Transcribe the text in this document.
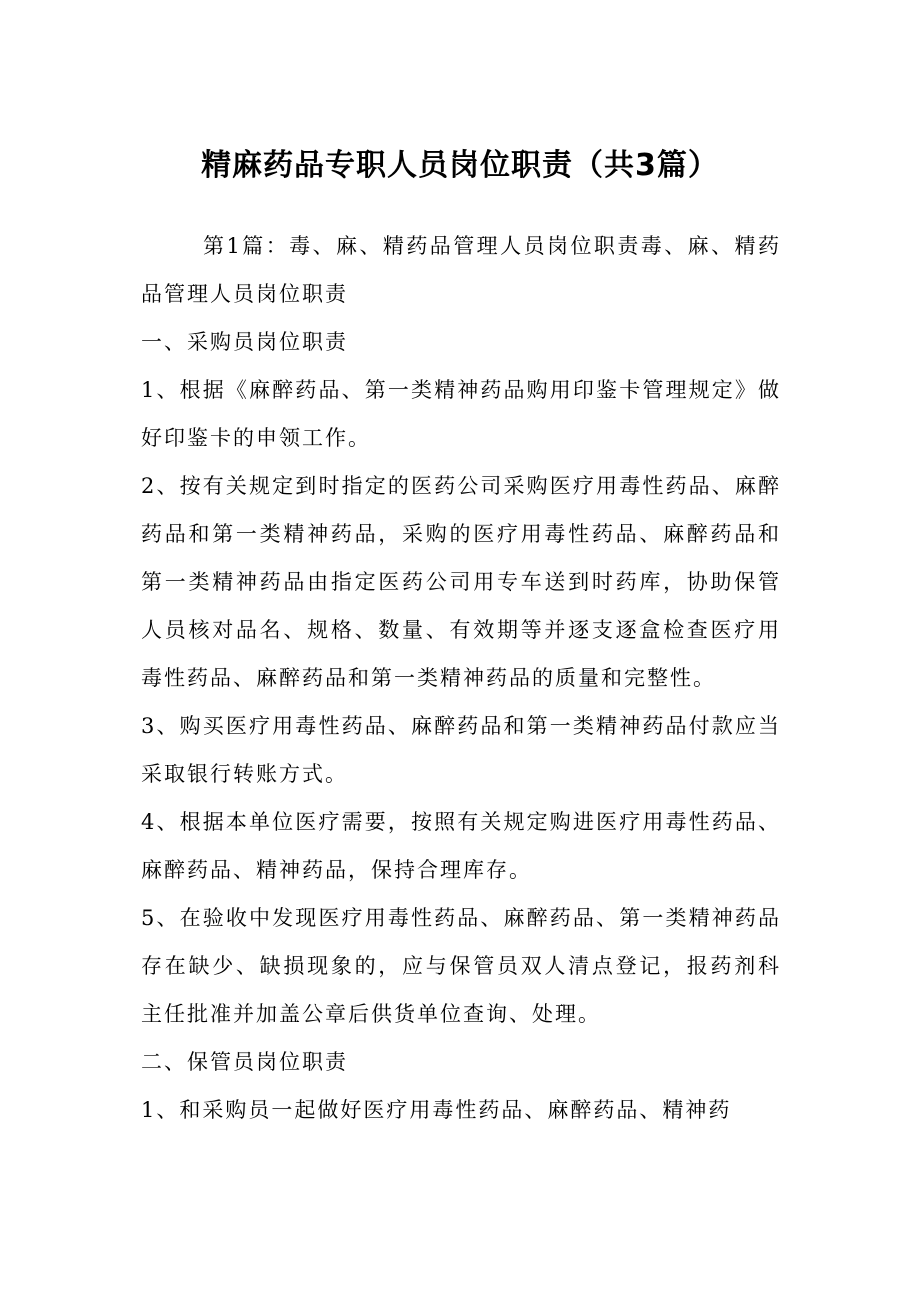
精麻药品专职人员岗位职责（共3篇）

第1篇：毒、麻、精药品管理人员岗位职责毒、麻、精药品管理人员岗位职责

一、采购员岗位职责

1、根据《麻醉药品、第一类精神药品购用印鉴卡管理规定》做好印鉴卡的申领工作。

2、按有关规定到时指定的医药公司采购医疗用毒性药品、麻醉药品和第一类精神药品，采购的医疗用毒性药品、麻醉药品和第一类精神药品由指定医药公司用专车送到时药库，协助保管人员核对品名、规格、数量、有效期等并逐支逐盒检查医疗用毒性药品、麻醉药品和第一类精神药品的质量和完整性。

3、购买医疗用毒性药品、麻醉药品和第一类精神药品付款应当采取银行转账方式。

4、根据本单位医疗需要，按照有关规定购进医疗用毒性药品、麻醉药品、精神药品，保持合理库存。

5、在验收中发现医疗用毒性药品、麻醉药品、第一类精神药品存在缺少、缺损现象的，应与保管员双人清点登记，报药剂科主任批准并加盖公章后供货单位查询、处理。

二、保管员岗位职责

1、和采购员一起做好医疗用毒性药品、麻醉药品、精神药
